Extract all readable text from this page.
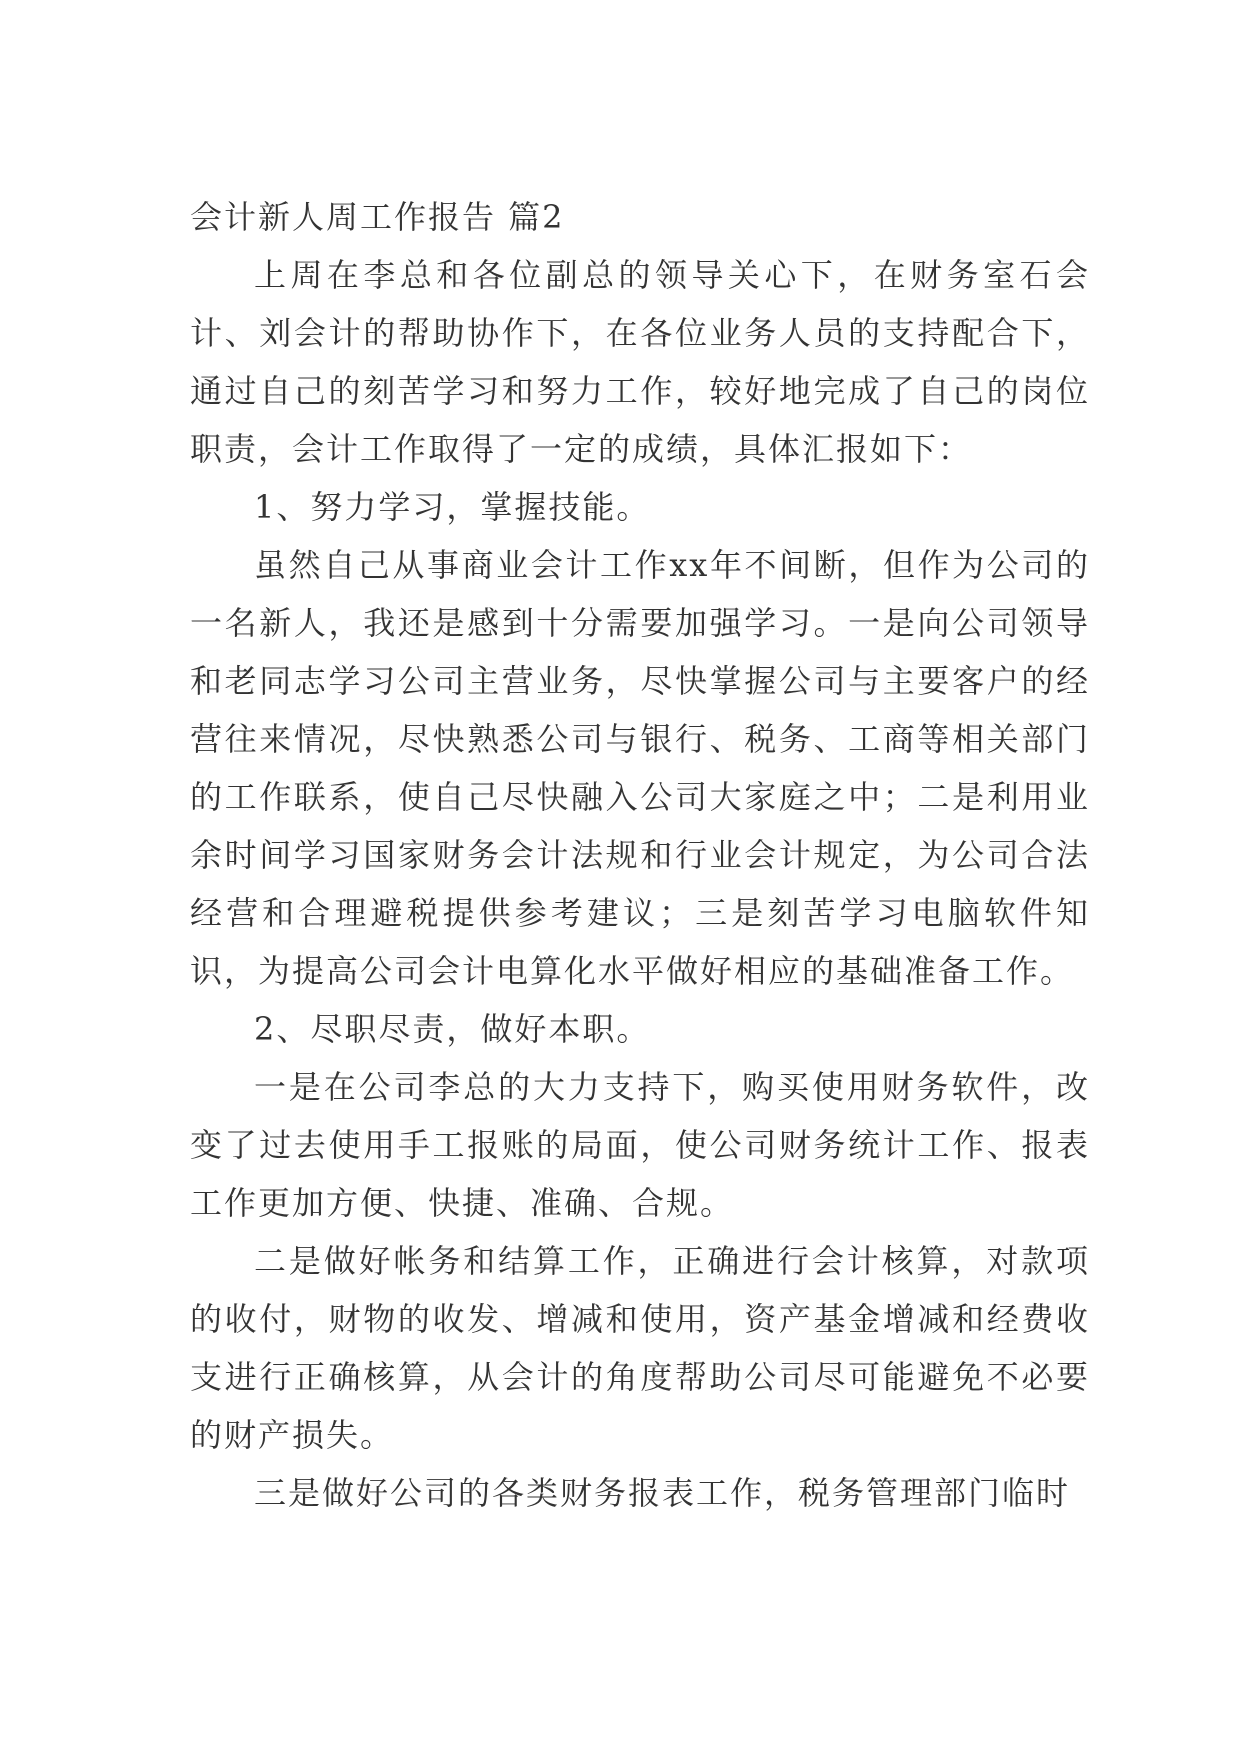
会计新人周工作报告 篇2

上周在李总和各位副总的领导关心下，在财务室石会计、刘会计的帮助协作下，在各位业务人员的支持配合下，通过自己的刻苦学习和努力工作，较好地完成了自己的岗位职责，会计工作取得了一定的成绩，具体汇报如下：

1、努力学习，掌握技能。

虽然自己从事商业会计工作xx年不间断，但作为公司的一名新人，我还是感到十分需要加强学习。一是向公司领导和老同志学习公司主营业务，尽快掌握公司与主要客户的经营往来情况，尽快熟悉公司与银行、税务、工商等相关部门的工作联系，使自己尽快融入公司大家庭之中；二是利用业余时间学习国家财务会计法规和行业会计规定，为公司合法经营和合理避税提供参考建议；三是刻苦学习电脑软件知识，为提高公司会计电算化水平做好相应的基础准备工作。

2、尽职尽责，做好本职。

一是在公司李总的大力支持下，购买使用财务软件，改变了过去使用手工报账的局面，使公司财务统计工作、报表工作更加方便、快捷、准确、合规。

二是做好帐务和结算工作，正确进行会计核算，对款项的收付，财物的收发、增减和使用，资产基金增减和经费收支进行正确核算，从会计的角度帮助公司尽可能避免不必要的财产损失。

三是做好公司的各类财务报表工作，税务管理部门临时
